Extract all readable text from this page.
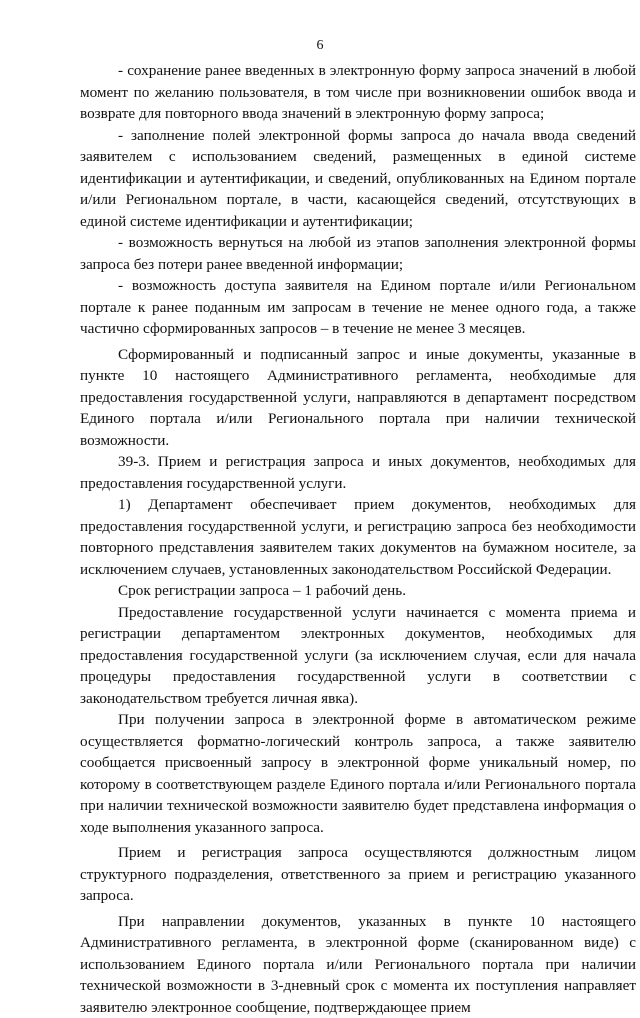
6

- сохранение ранее введенных в электронную форму запроса значений в любой момент по желанию пользователя, в том числе при возникновении ошибок ввода и возврате для повторного ввода значений в электронную форму запроса;

- заполнение полей электронной формы запроса до начала ввода сведений заявителем с использованием сведений, размещенных в единой системе идентификации и аутентификации, и сведений, опубликованных на Едином портале и/или Региональном портале, в части, касающейся сведений, отсутствующих в единой системе идентификации и аутентификации;

- возможность вернуться на любой из этапов заполнения электронной формы запроса без потери ранее введенной информации;

- возможность доступа заявителя на Едином портале и/или Региональном портале к ранее поданным им запросам в течение не менее одного года, а также частично сформированных запросов – в течение не менее 3 месяцев.

Сформированный и подписанный запрос и иные документы, указанные в пункте 10 настоящего Административного регламента, необходимые для предоставления государственной услуги, направляются в департамент посредством Единого портала и/или Регионального портала при наличии технической возможности.

39-3. Прием и регистрация запроса и иных документов, необходимых для предоставления государственной услуги.

1) Департамент обеспечивает прием документов, необходимых для предоставления государственной услуги, и регистрацию запроса без необходимости повторного представления заявителем таких документов на бумажном носителе, за исключением случаев, установленных законодательством Российской Федерации.

Срок регистрации запроса – 1 рабочий день.

Предоставление государственной услуги начинается с момента приема и регистрации департаментом электронных документов, необходимых для предоставления государственной услуги (за исключением случая, если для начала процедуры предоставления государственной услуги в соответствии с законодательством требуется личная явка).

При получении запроса в электронной форме в автоматическом режиме осуществляется форматно-логический контроль запроса, а также заявителю сообщается присвоенный запросу в электронной форме уникальный номер, по которому в соответствующем разделе Единого портала и/или Регионального портала при наличии технической возможности заявителю будет представлена информация о ходе выполнения указанного запроса.

Прием и регистрация запроса осуществляются должностным лицом структурного подразделения, ответственного за прием и регистрацию указанного запроса.

При направлении документов, указанных в пункте 10 настоящего Административного регламента, в электронной форме (сканированном виде) с использованием Единого портала и/или Регионального портала при наличии технической возможности в 3-дневный срок с момента их поступления направляет заявителю электронное сообщение, подтверждающее прием
